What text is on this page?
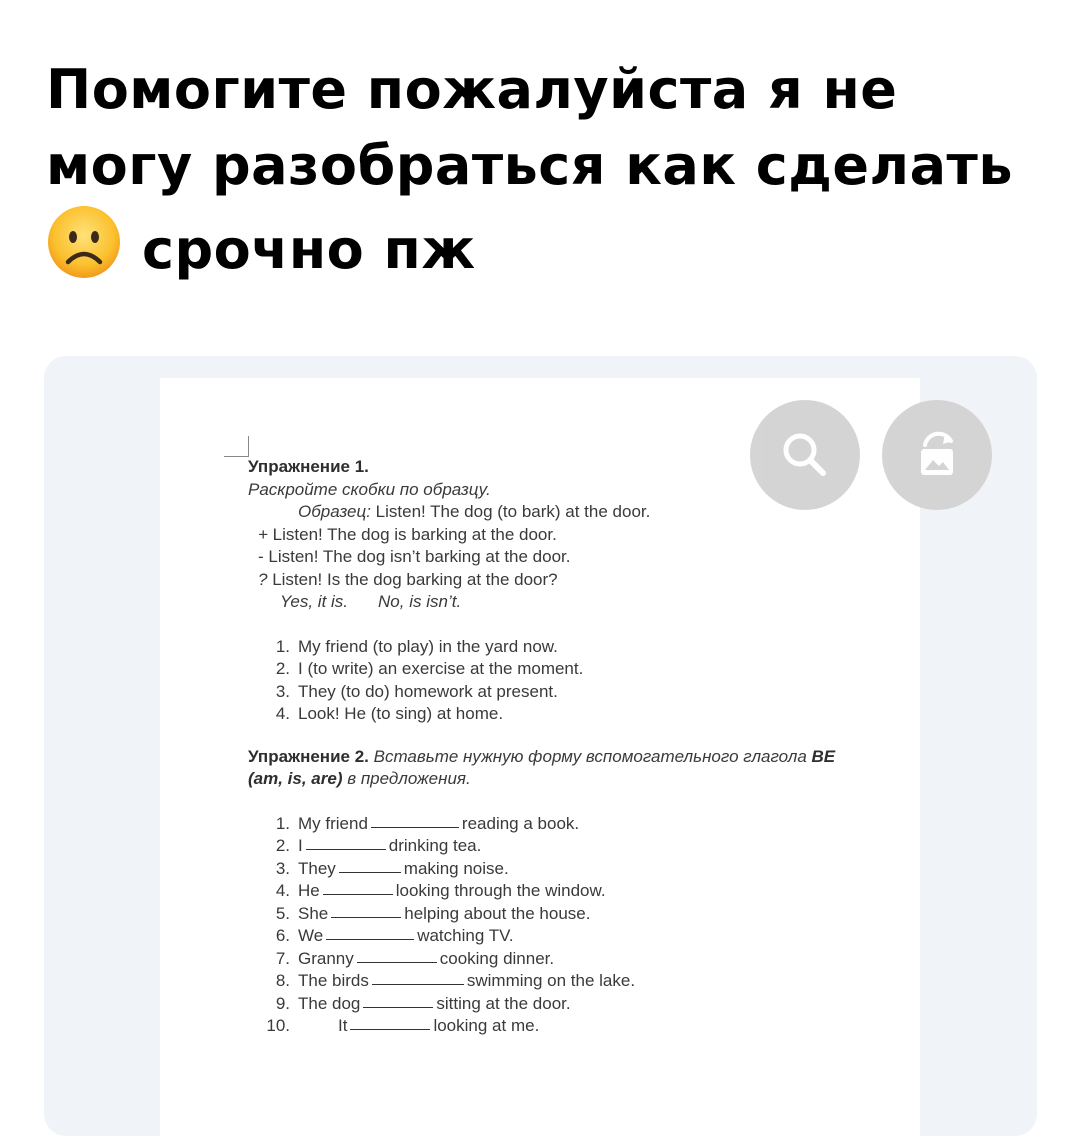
Помогите пожалуйста я не
могу разобраться как сделать
срочно пж
Упражнение 1.
Раскройте скобки по образцу.
Образец: Listen! The dog (to bark) at the door.
+ Listen! The dog is barking at the door.
- Listen! The dog isn’t barking at the door.
? Listen! Is the dog barking at the door?
Yes, it is. No, is isn’t.
1. My friend (to play) in the yard now.
2. I (to write) an exercise at the moment.
3. They (to do) homework at present.
4. Look! He (to sing) at home.
Упражнение 2. Вставьте нужную форму вспомогательного глагола BE
(am, is, are) в предложения.
1. My friend	reading a book.
2. I	drinking tea.
3. They	making noise.
4. He	looking through the window.
5. She	helping about the house.
6. We	watching TV.
7. Granny	cooking dinner.
8. The birds	swimming on the lake.
9. The dog	sitting at the door.
10.	It	looking at me.
